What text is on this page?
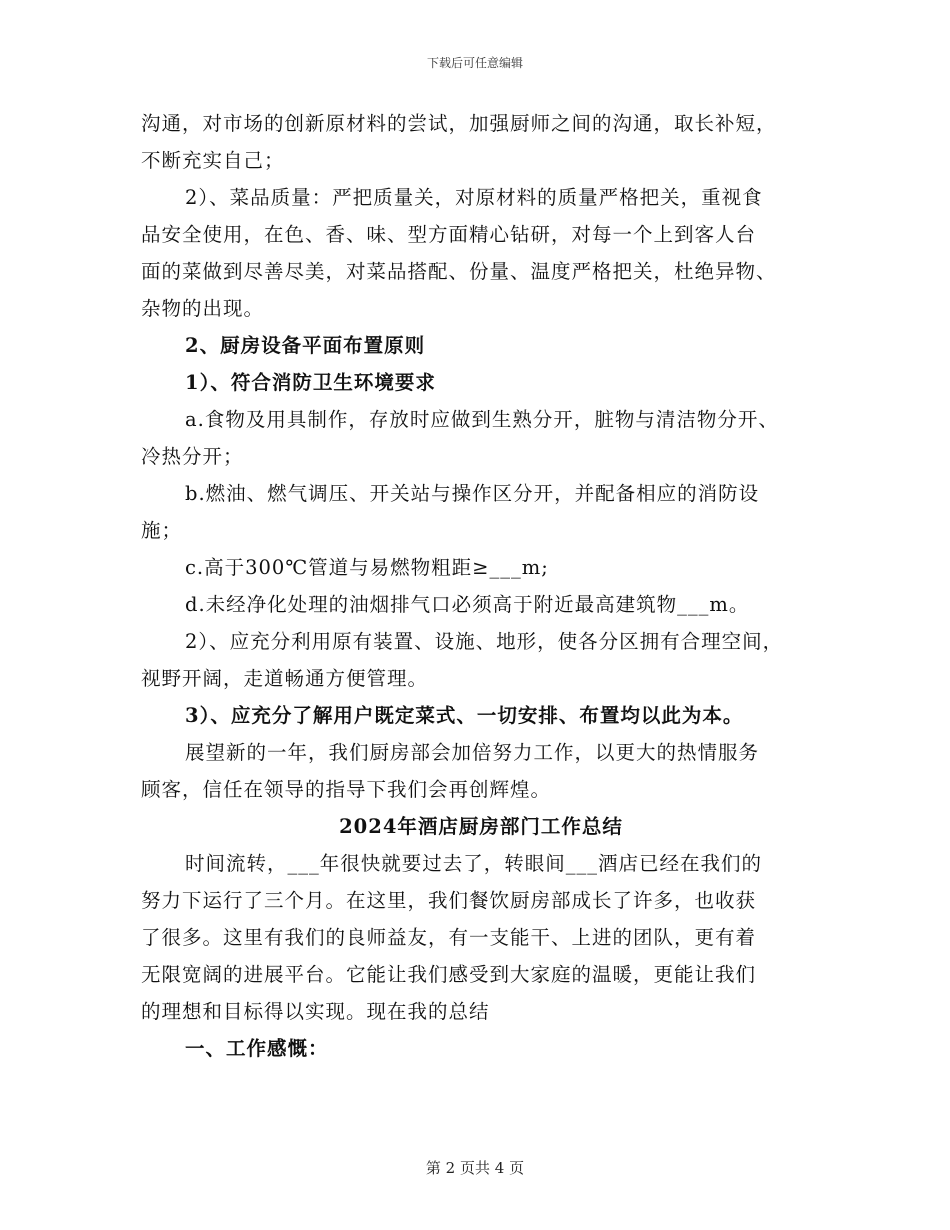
下载后可任意编辑
沟通，对市场的创新原材料的尝试，加强厨师之间的沟通，取长补短，
不断充实自己；
2）、菜品质量：严把质量关，对原材料的质量严格把关，重视食
品安全使用，在色、香、味、型方面精心钻研，对每一个上到客人台
面的菜做到尽善尽美，对菜品搭配、份量、温度严格把关，杜绝异物、
杂物的出现。
2、厨房设备平面布置原则
1）、符合消防卫生环境要求
a.食物及用具制作，存放时应做到生熟分开，脏物与清洁物分开、
冷热分开；
b.燃油、燃气调压、开关站与操作区分开，并配备相应的消防设
施；
c.高于300℃管道与易燃物粗距≥___m;
d.未经净化处理的油烟排气口必须高于附近最高建筑物___m。
2）、应充分利用原有装置、设施、地形，使各分区拥有合理空间，
视野开阔，走道畅通方便管理。
3）、应充分了解用户既定菜式、一切安排、布置均以此为本。
展望新的一年，我们厨房部会加倍努力工作，以更大的热情服务
顾客，信任在领导的指导下我们会再创辉煌。
2024年酒店厨房部门工作总结
时间流转，___年很快就要过去了，转眼间___酒店已经在我们的
努力下运行了三个月。在这里，我们餐饮厨房部成长了许多，也收获
了很多。这里有我们的良师益友，有一支能干、上进的团队，更有着
无限宽阔的进展平台。它能让我们感受到大家庭的温暖，更能让我们
的理想和目标得以实现。现在我的总结
一、工作感慨：
第 2 页共 4 页
